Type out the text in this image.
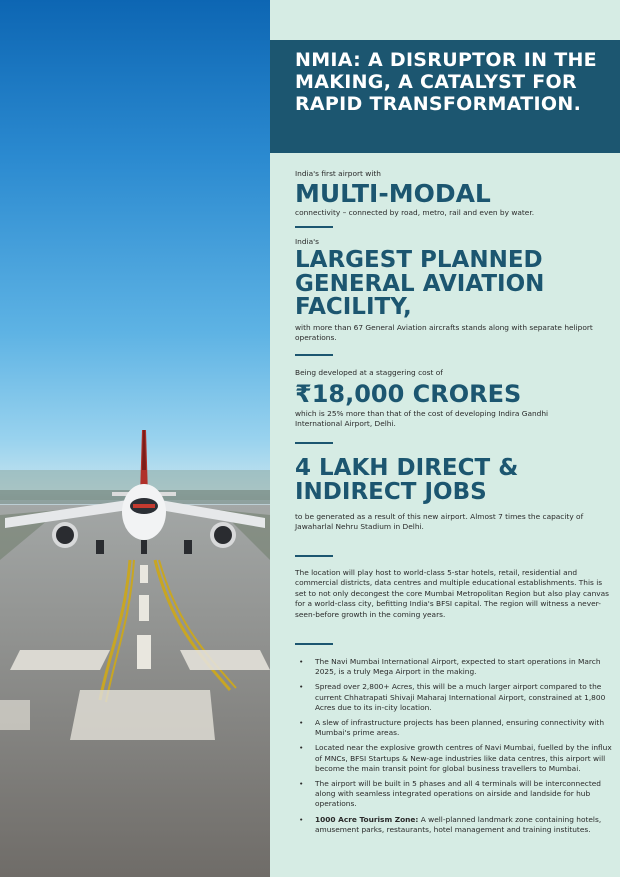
NMIA: A DISRUPTOR IN THE MAKING, A CATALYST FOR RAPID TRANSFORMATION.
India's first airport with
MULTI-MODAL
connectivity – connected by road, metro, rail and even by water.
India's
LARGEST PLANNED GENERAL AVIATION FACILITY,
with more than 67 General Aviation aircrafts stands along with separate heliport operations.
Being developed at a staggering cost of
₹18,000 CRORES
which is 25% more than that of the cost of developing Indira Gandhi International Airport, Delhi.
4 LAKH DIRECT & INDIRECT JOBS
to be generated as a result of this new airport. Almost 7 times the capacity of Jawaharlal Nehru Stadium in Delhi.

The location will play host to world-class 5-star hotels, retail, residential and commercial districts, data centres and multiple educational establishments. This is set to not only decongest the core Mumbai Metropolitan Region but also play canvas for a world-class city, befitting India's BFSI capital. The region will witness a never-seen-before growth in the coming years.

• The Navi Mumbai International Airport, expected to start operations in March 2025, is a truly Mega Airport in the making.
• Spread over 2,800+ Acres, this will be a much larger airport compared to the current Chhatrapati Shivaji Maharaj International Airport, constrained at 1,800 Acres due to its in-city location.
• A slew of infrastructure projects has been planned, ensuring connectivity with Mumbai's prime areas.
• Located near the explosive growth centres of Navi Mumbai, fuelled by the influx of MNCs, BFSI Startups & New-age industries like data centres, this airport will become the main transit point for global business travellers to Mumbai.
• The airport will be built in 5 phases and all 4 terminals will be interconnected along with seamless integrated operations on airside and landside for hub operations.
• 1000 Acre Tourism Zone: A well-planned landmark zone containing hotels, amusement parks, restaurants, hotel management and training institutes.
